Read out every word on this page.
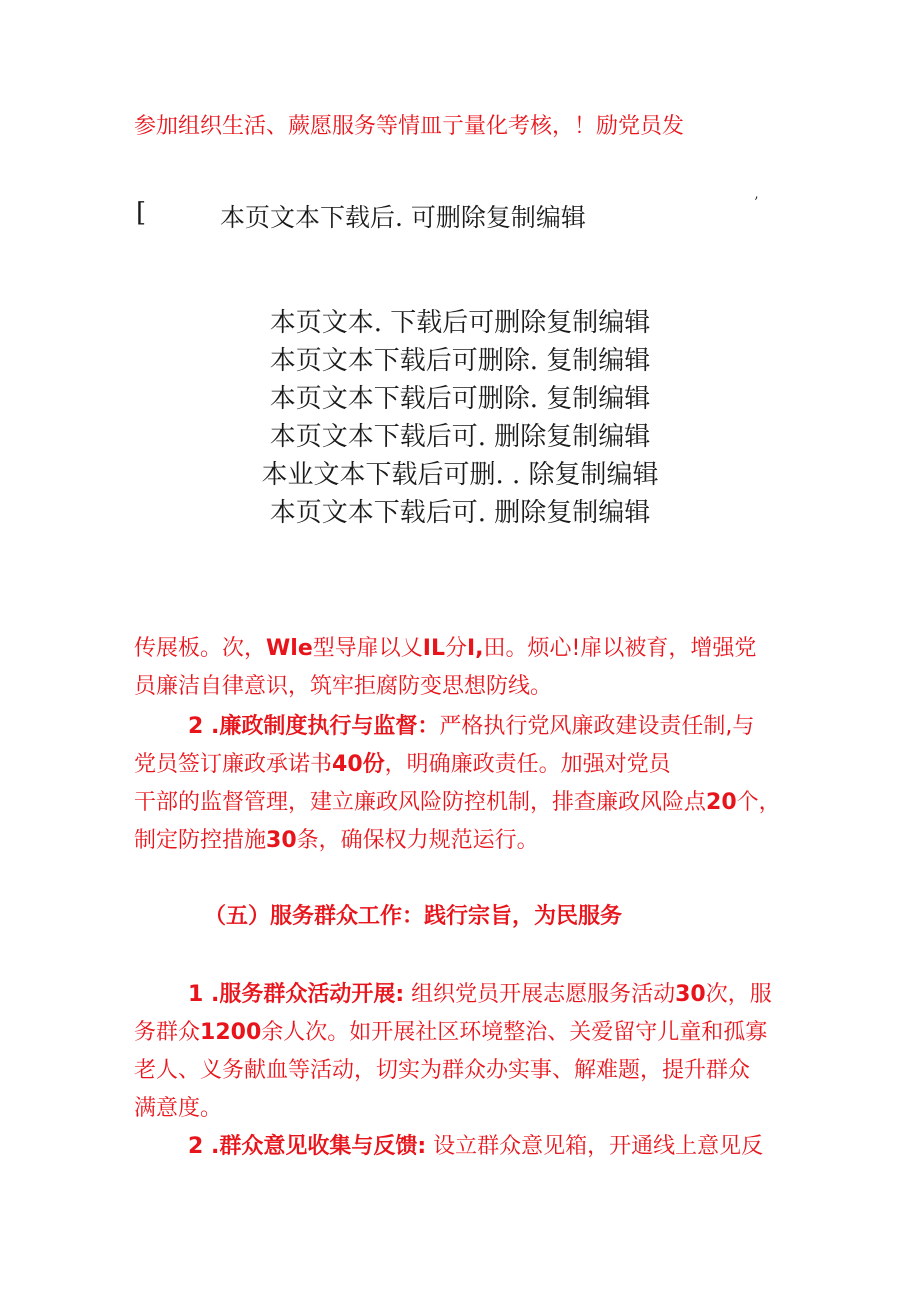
参加组织生活、蕨愿服务等情皿亍量化考核，！励党员发
[	本页文本下载后. 可删除复制编辑	’
本页文本. 下载后可删除复制编辑
本页文本下载后可删除. 复制编辑
本页文本下载后可删除. 复制编辑
本页文本下载后可. 删除复制编辑
本业文本下载后可删. . 除复制编辑
本页文本下载后可. 删除复制编辑
传展板。次，Wle型导扉以乂IL分I,田。烦心!扉以被育，增强党
员廉洁自律意识，筑牢拒腐防变思想防线。
2 .廉政制度执行与监督：严格执行党风廉政建设责任制,与
党员签订廉政承诺书40份，明确廉政责任。加强对党员
干部的监督管理，建立廉政风险防控机制，排查廉政风险点20个，
制定防控措施30条，确保权力规范运行。
（五）服务群众工作：践行宗旨，为民服务
1 .服务群众活动开展: 组织党员开展志愿服务活动30次，服
务群众1200余人次。如开展社区环境整治、关爱留守儿童和孤寡
老人、义务献血等活动，切实为群众办实事、解难题，提升群众
满意度。
2 .群众意见收集与反馈: 设立群众意见箱，开通线上意见反
